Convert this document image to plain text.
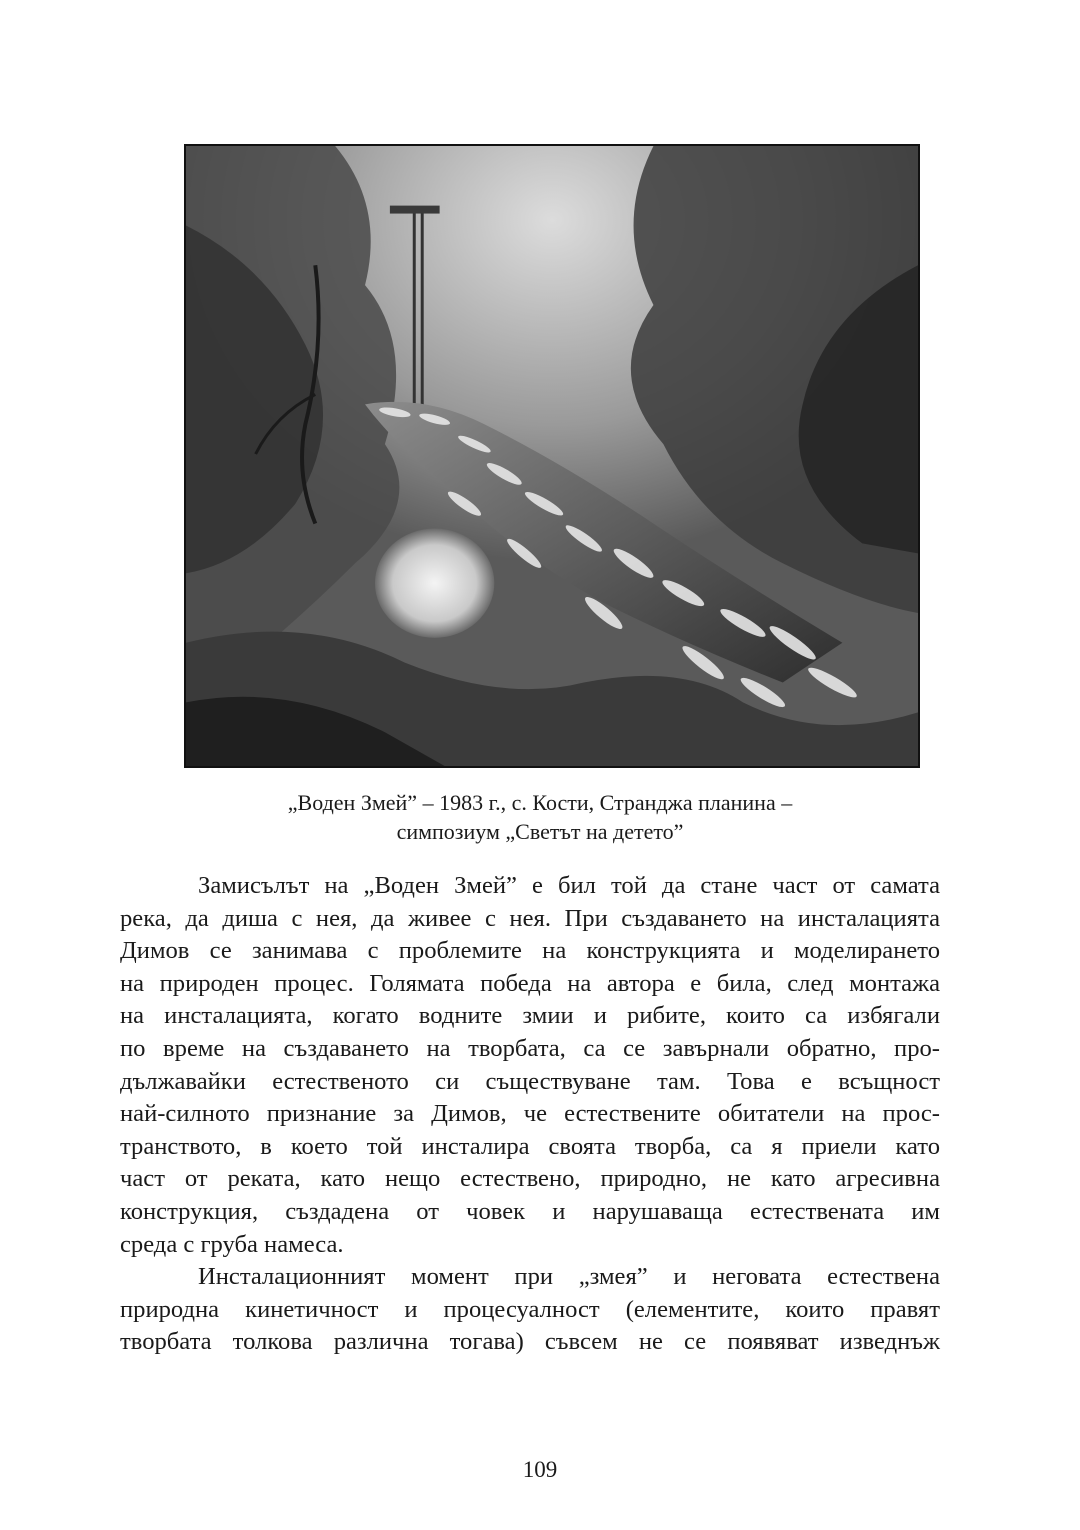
„Воден Змей” – 1983 г., с. Кости, Странджа планина –
симпозиум „Светът на детето”

Замисълът на „Воден Змей” е бил той да стане част от самата
река, да диша с нея, да живее с нея. При създаването на инсталацията
Димов се занимава с проблемите на конструкцията и моделирането
на природен процес. Голямата победа на автора е била, след монтажа
на инсталацията, когато водните змии и рибите, които са избягали
по време на създаването на творбата, са се завърнали обратно, про-
дължавайки естественото си съществуване там. Това е всъщност
най-силното признание за Димов, че естествените обитатели на прос-
транството, в което той инсталира своята творба, са я приели като
част от реката, като нещо естествено, природно, не като агресивна
конструкция, създадена от човек и нарушаваща естествената им
среда с груба намеса.

Инсталационният момент при „змея” и неговата естествена
природна кинетичност и процесуалност (елементите, които правят
творбата толкова различна тогава) съвсем не се появяват изведнъж

109
